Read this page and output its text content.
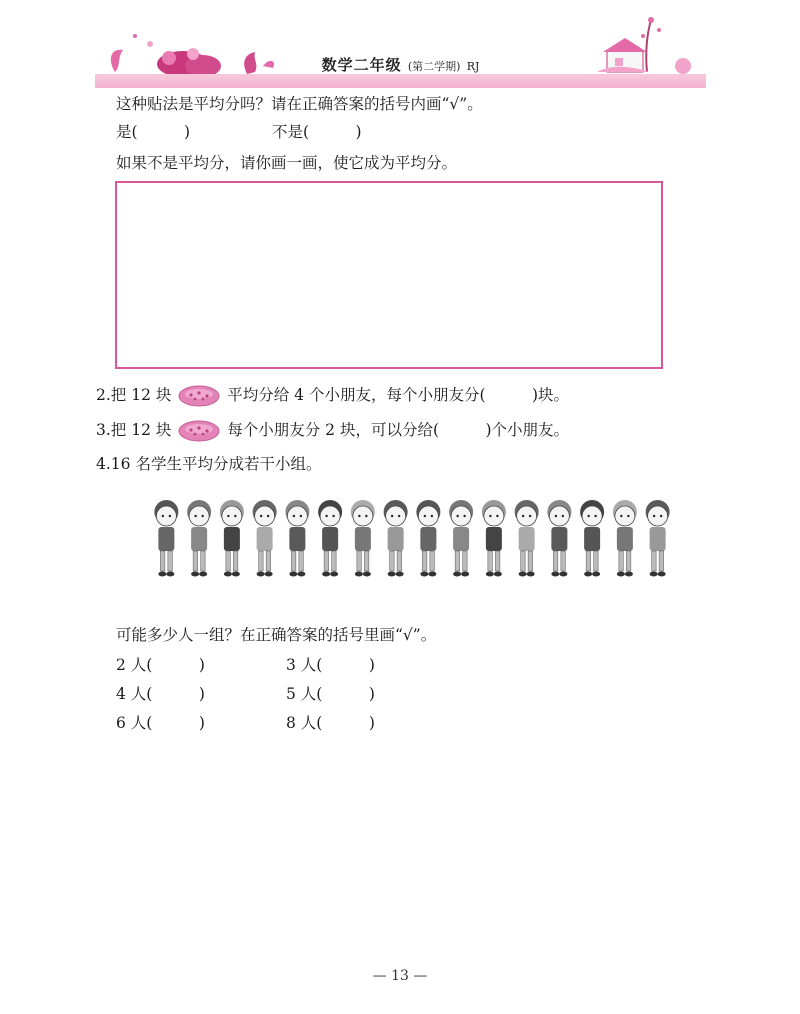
数学二年级 (第二学期) RJ
这种贴法是平均分吗？请在正确答案的括号内画“√”。
是(　　　)	不是(　　　)
如果不是平均分，请你画一画，使它成为平均分。
2.把 12 块	平均分给 4 个小朋友，每个小朋友分(　　　)块。
3.把 12 块	每个小朋友分 2 块，可以分给(　　　)个小朋友。
4.16 名学生平均分成若干小组。
可能多少人一组？在正确答案的括号里画“√”。
2 人(　　　)	3 人(　　　)
4 人(　　　)	5 人(　　　)
6 人(　　　)	8 人(　　　)
— 13 —
